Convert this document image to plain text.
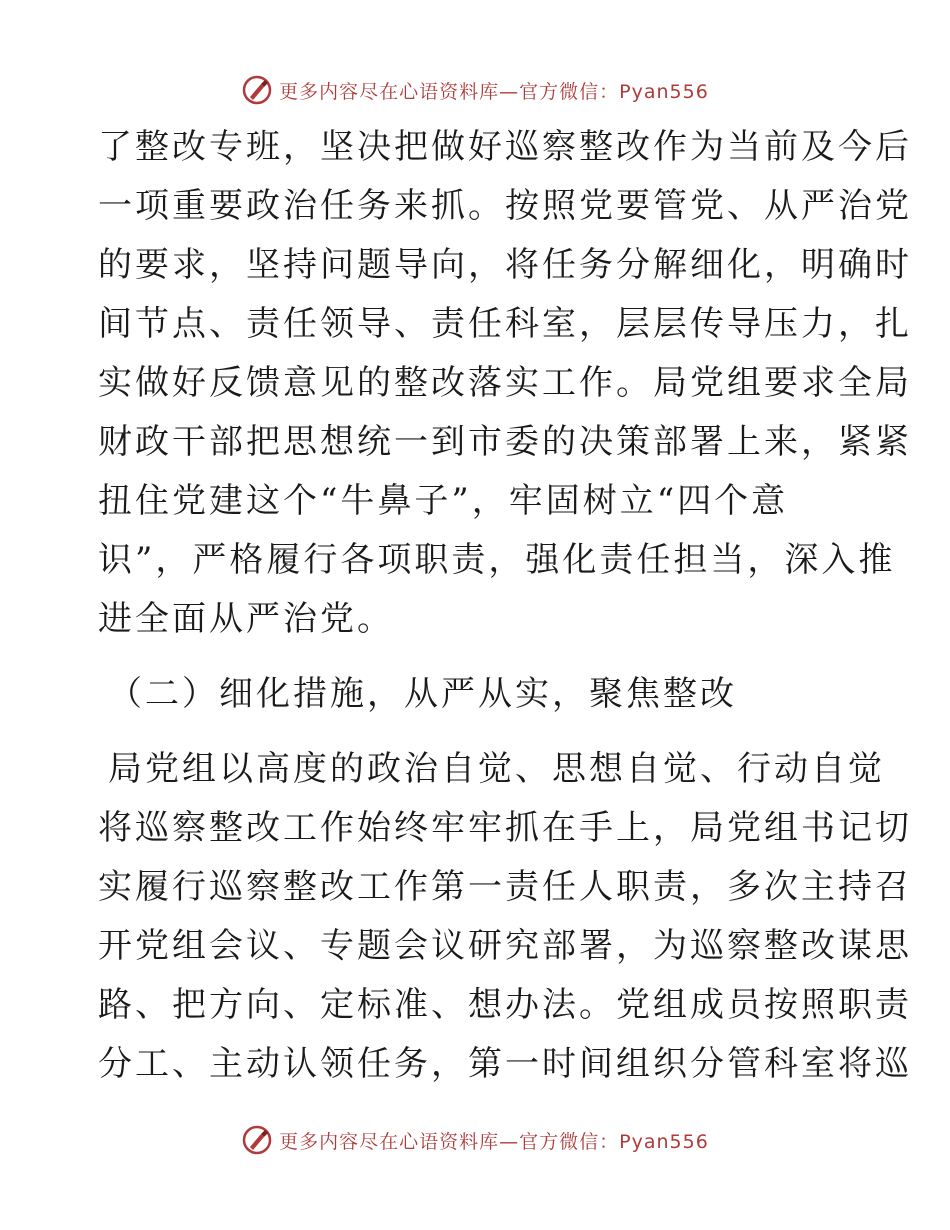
更多内容尽在心语资料库—官方微信：Pyan556
了整改专班，坚决把做好巡察整改作为当前及今后
一项重要政治任务来抓。按照党要管党、从严治党
的要求，坚持问题导向，将任务分解细化，明确时
间节点、责任领导、责任科室，层层传导压力，扎
实做好反馈意见的整改落实工作。局党组要求全局
财政干部把思想统一到市委的决策部署上来，紧紧
扭住党建这个“牛鼻子”，牢固树立“四个意
识”，严格履行各项职责，强化责任担当，深入推
进全面从严治党。
（二）细化措施，从严从实，聚焦整改
局党组以高度的政治自觉、思想自觉、行动自觉
将巡察整改工作始终牢牢抓在手上，局党组书记切
实履行巡察整改工作第一责任人职责，多次主持召
开党组会议、专题会议研究部署，为巡察整改谋思
路、把方向、定标准、想办法。党组成员按照职责
分工、主动认领任务，第一时间组织分管科室将巡
更多内容尽在心语资料库—官方微信：Pyan556
